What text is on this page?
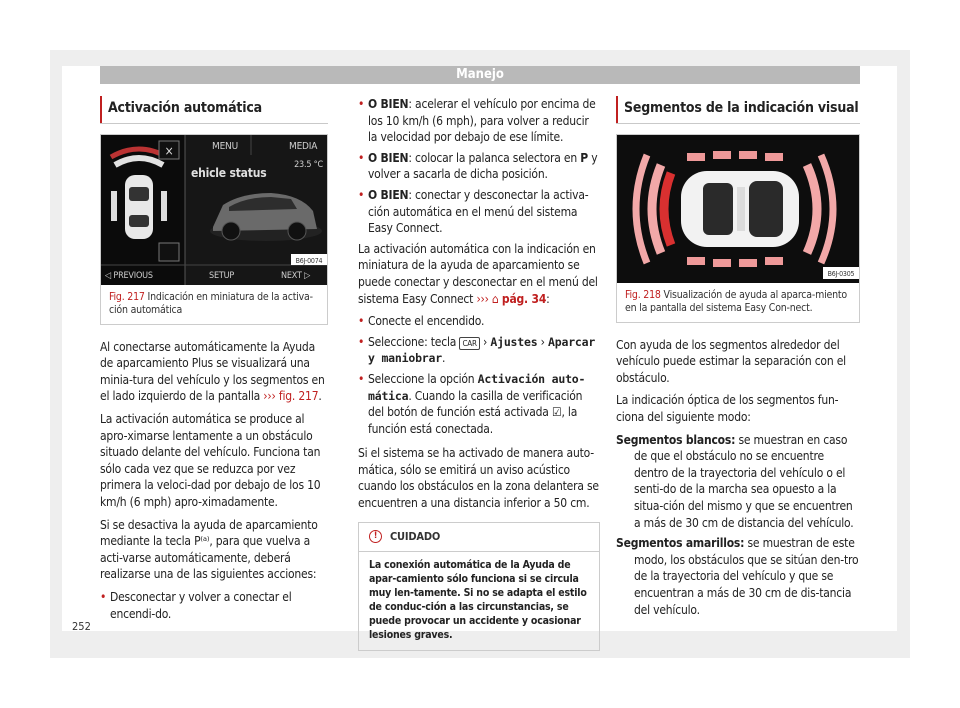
Manejo
Activación automática
×	MENU	MEDIA
23.5 °C
ehicle status
◁ PREVIOUS	SETUP	NEXT ▷
B6J-0074
Fig. 217 Indicación en miniatura de la activa-ción automática

Al conectarse automáticamente la Ayuda de aparcamiento Plus se visualizará una minia-tura del vehículo y los segmentos en el lado izquierdo de la pantalla ››› fig. 217.

La activación automática se produce al apro-ximarse lentamente a un obstáculo situado delante del vehículo. Funciona tan sólo cada vez que se reduzca por vez primera la veloci-dad por debajo de los 10 km/h (6 mph) apro-ximadamente.

Si se desactiva la ayuda de aparcamiento mediante la tecla P⁽ᵃ⁾, para que vuelva a acti-varse automáticamente, deberá realizarse una de las siguientes acciones:

• Desconectar y volver a conectar el encendi-do.
• O BIEN: acelerar el vehículo por encima de los 10 km/h (6 mph), para volver a reducir la velocidad por debajo de ese límite.
• O BIEN: colocar la palanca selectora en P y volver a sacarla de dicha posición.
• O BIEN: conectar y desconectar la activa-ción automática en el menú del sistema Easy Connect.

La activación automática con la indicación en miniatura de la ayuda de aparcamiento se puede conectar y desconectar en el menú del sistema Easy Connect ››› ⌂ pág. 34:

• Conecte el encendido.
• Seleccione: tecla CAR › Ajustes › Aparcar y maniobrar.
• Seleccione la opción Activación auto-mática. Cuando la casilla de verificación del botón de función está activada ☑, la función está conectada.

Si el sistema se ha activado de manera auto-mática, sólo se emitirá un aviso acústico cuando los obstáculos en la zona delantera se encuentren a una distancia inferior a 50 cm.

!	CUIDADO
La conexión automática de la Ayuda de apar-camiento sólo funciona si se circula muy len-tamente. Si no se adapta el estilo de conduc-ción a las circunstancias, se puede provocar un accidente y ocasionar lesiones graves.
Segmentos de la indicación visual
B6J-0305
Fig. 218 Visualización de ayuda al aparca-miento en la pantalla del sistema Easy Con-nect.

Con ayuda de los segmentos alrededor del vehículo puede estimar la separación con el obstáculo.

La indicación óptica de los segmentos fun-ciona del siguiente modo:

Segmentos blancos: se muestran en caso de que el obstáculo no se encuentre dentro de la trayectoria del vehículo o el senti-do de la marcha sea opuesto a la situa-ción del mismo y que se encuentren a más de 30 cm de distancia del vehículo.
Segmentos amarillos: se muestran de este modo, los obstáculos que se sitúan den-tro de la trayectoria del vehículo y que se encuentran a más de 30 cm de dis-tancia del vehículo.
252
